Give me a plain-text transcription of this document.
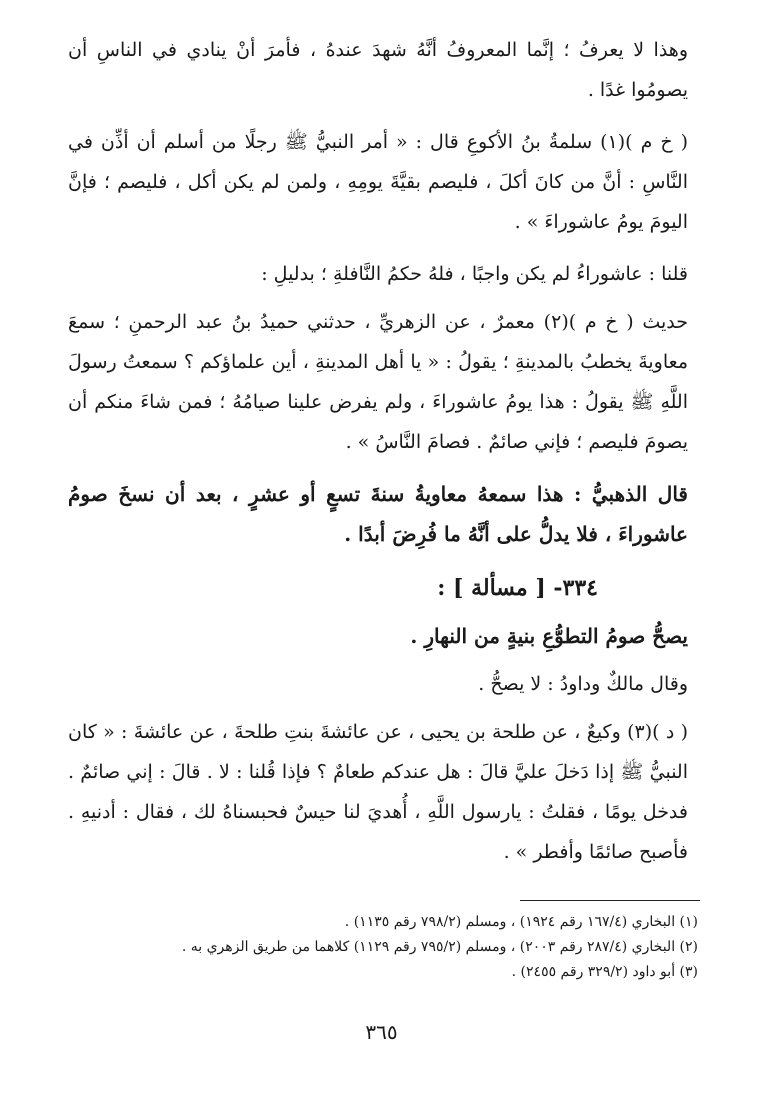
وهذا لا يعرفُ ؛ إنَّما المعروفُ أنَّهُ شهدَ عندهُ ، فأمرَ أنْ ينادي في الناسِ أن يصومُوا غدًا .

( خ م )(١) سلمةُ بنُ الأكوعِ قال : « أمر النبيُّ ﷺ رجلًا من أسلم أن أذِّن في النَّاسِ : أنَّ من كانَ أكلَ ، فليصم بقيَّةَ يومِهِ ، ولمن لم يكن أكل ، فليصم ؛ فإنَّ اليومَ يومُ عاشوراءَ » .

قلنا : عاشوراءُ لم يكن واجبًا ، فلهُ حكمُ النَّافلةِ ؛ بدليلِ :

حديث ( خ م )(٢) معمرٌ ، عن الزهريِّ ، حدثني حميدُ بنُ عبد الرحمنِ ؛ سمعَ معاويةَ يخطبُ بالمدينةِ ؛ يقولُ : « يا أهل المدينةِ ، أين علماؤكم ؟ سمعتُ رسولَ اللَّهِ ﷺ يقولُ : هذا يومُ عاشوراءَ ، ولم يفرض علينا صيامُهُ ؛ فمن شاءَ منكم أن يصومَ فليصم ؛ فإني صائمٌ . فصامَ النَّاسُ » .

قال الذهبيُّ : هذا سمعهُ معاويةُ سنةَ تسعٍ أو عشرٍ ، بعد أن نسخَ صومُ عاشوراءَ ، فلا يدلُّ على أنَّهُ ما فُرِضَ أبدًا .

٣٣٤- [ مسألة ] :

يصحُّ صومُ التطوُّعِ بنيةٍ من النهارِ .

وقال مالكٌ وداودُ : لا يصحُّ .

( د )(٣) وكيعٌ ، عن طلحة بن يحيى ، عن عائشةَ بنتِ طلحةَ ، عن عائشةَ : « كان النبيُّ ﷺ إذا دَخلَ عليَّ قالَ : هل عندكم طعامٌ ؟ فإذا قُلنا : لا . قالَ : إني صائمٌ . فدخل يومًا ، فقلتُ : يارسول اللَّهِ ، أُهديَ لنا حيسٌ فحبسناهُ لك ، فقال : أدنيهِ . فأصبح صائمًا وأفطر » .

(١) البخاري (١٦٧/٤ رقم ١٩٢٤) ، ومسلم (٧٩٨/٢ رقم ١١٣٥) .
(٢) البخاري (٢٨٧/٤ رقم ٢٠٠٣) ، ومسلم (٧٩٥/٢ رقم ١١٢٩) كلاهما من طريق الزهري به .
(٣) أبو داود (٣٢٩/٢ رقم ٢٤٥٥) .
٣٦٥
